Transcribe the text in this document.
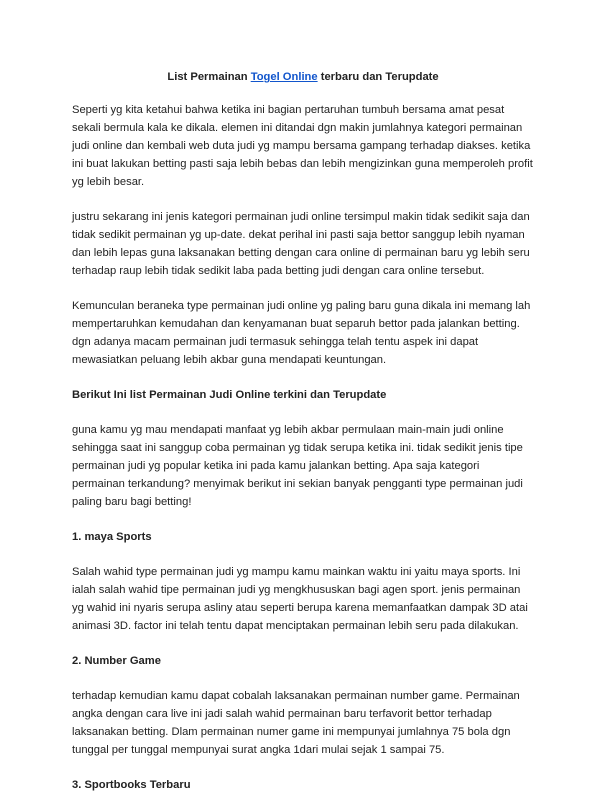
List Permainan Togel Online terbaru dan Terupdate

Seperti yg kita ketahui bahwa ketika ini bagian pertaruhan tumbuh bersama amat pesat sekali bermula kala ke dikala. elemen ini ditandai dgn makin jumlahnya kategori permainan judi online dan kembali web duta judi yg mampu bersama gampang terhadap diakses. ketika ini buat lakukan betting pasti saja lebih bebas dan lebih mengizinkan guna memperoleh profit yg lebih besar.

justru sekarang ini jenis kategori permainan judi online tersimpul makin tidak sedikit saja dan tidak sedikit permainan yg up-date. dekat perihal ini pasti saja bettor sanggup lebih nyaman dan lebih lepas guna laksanakan betting dengan cara online di permainan baru yg lebih seru terhadap raup lebih tidak sedikit laba pada betting judi dengan cara online tersebut.

Kemunculan beraneka type permainan judi online yg paling baru guna dikala ini memang lah mempertaruhkan kemudahan dan kenyamanan buat separuh bettor pada jalankan betting. dgn adanya macam permainan judi termasuk sehingga telah tentu aspek ini dapat mewasiatkan peluang lebih akbar guna mendapati keuntungan.

Berikut Ini list Permainan Judi Online terkini dan Terupdate

guna kamu yg mau mendapati manfaat yg lebih akbar permulaan main-main judi online sehingga saat ini sanggup coba permainan yg tidak serupa ketika ini. tidak sedikit jenis tipe permainan judi yg popular ketika ini pada kamu jalankan betting. Apa saja kategori permainan terkandung? menyimak berikut ini sekian banyak pengganti type permainan judi paling baru bagi betting!

1. maya Sports

Salah wahid type permainan judi yg mampu kamu mainkan waktu ini yaitu maya sports. Ini ialah salah wahid tipe permainan judi yg mengkhususkan bagi agen sport. jenis permainan yg wahid ini nyaris serupa asliny atau seperti berupa karena memanfaatkan dampak 3D atai animasi 3D. factor ini telah tentu dapat menciptakan permainan lebih seru pada dilakukan.

2. Number Game

terhadap kemudian kamu dapat cobalah laksanakan permainan number game. Permainan angka dengan cara live ini jadi salah wahid permainan baru terfavorit bettor terhadap laksanakan betting. Dlam permainan numer game ini mempunyai jumlahnya 75 bola dgn tunggal per tunggal mempunyai surat angka 1dari mulai sejak 1 sampai 75.

3. Sportbooks Terbaru
